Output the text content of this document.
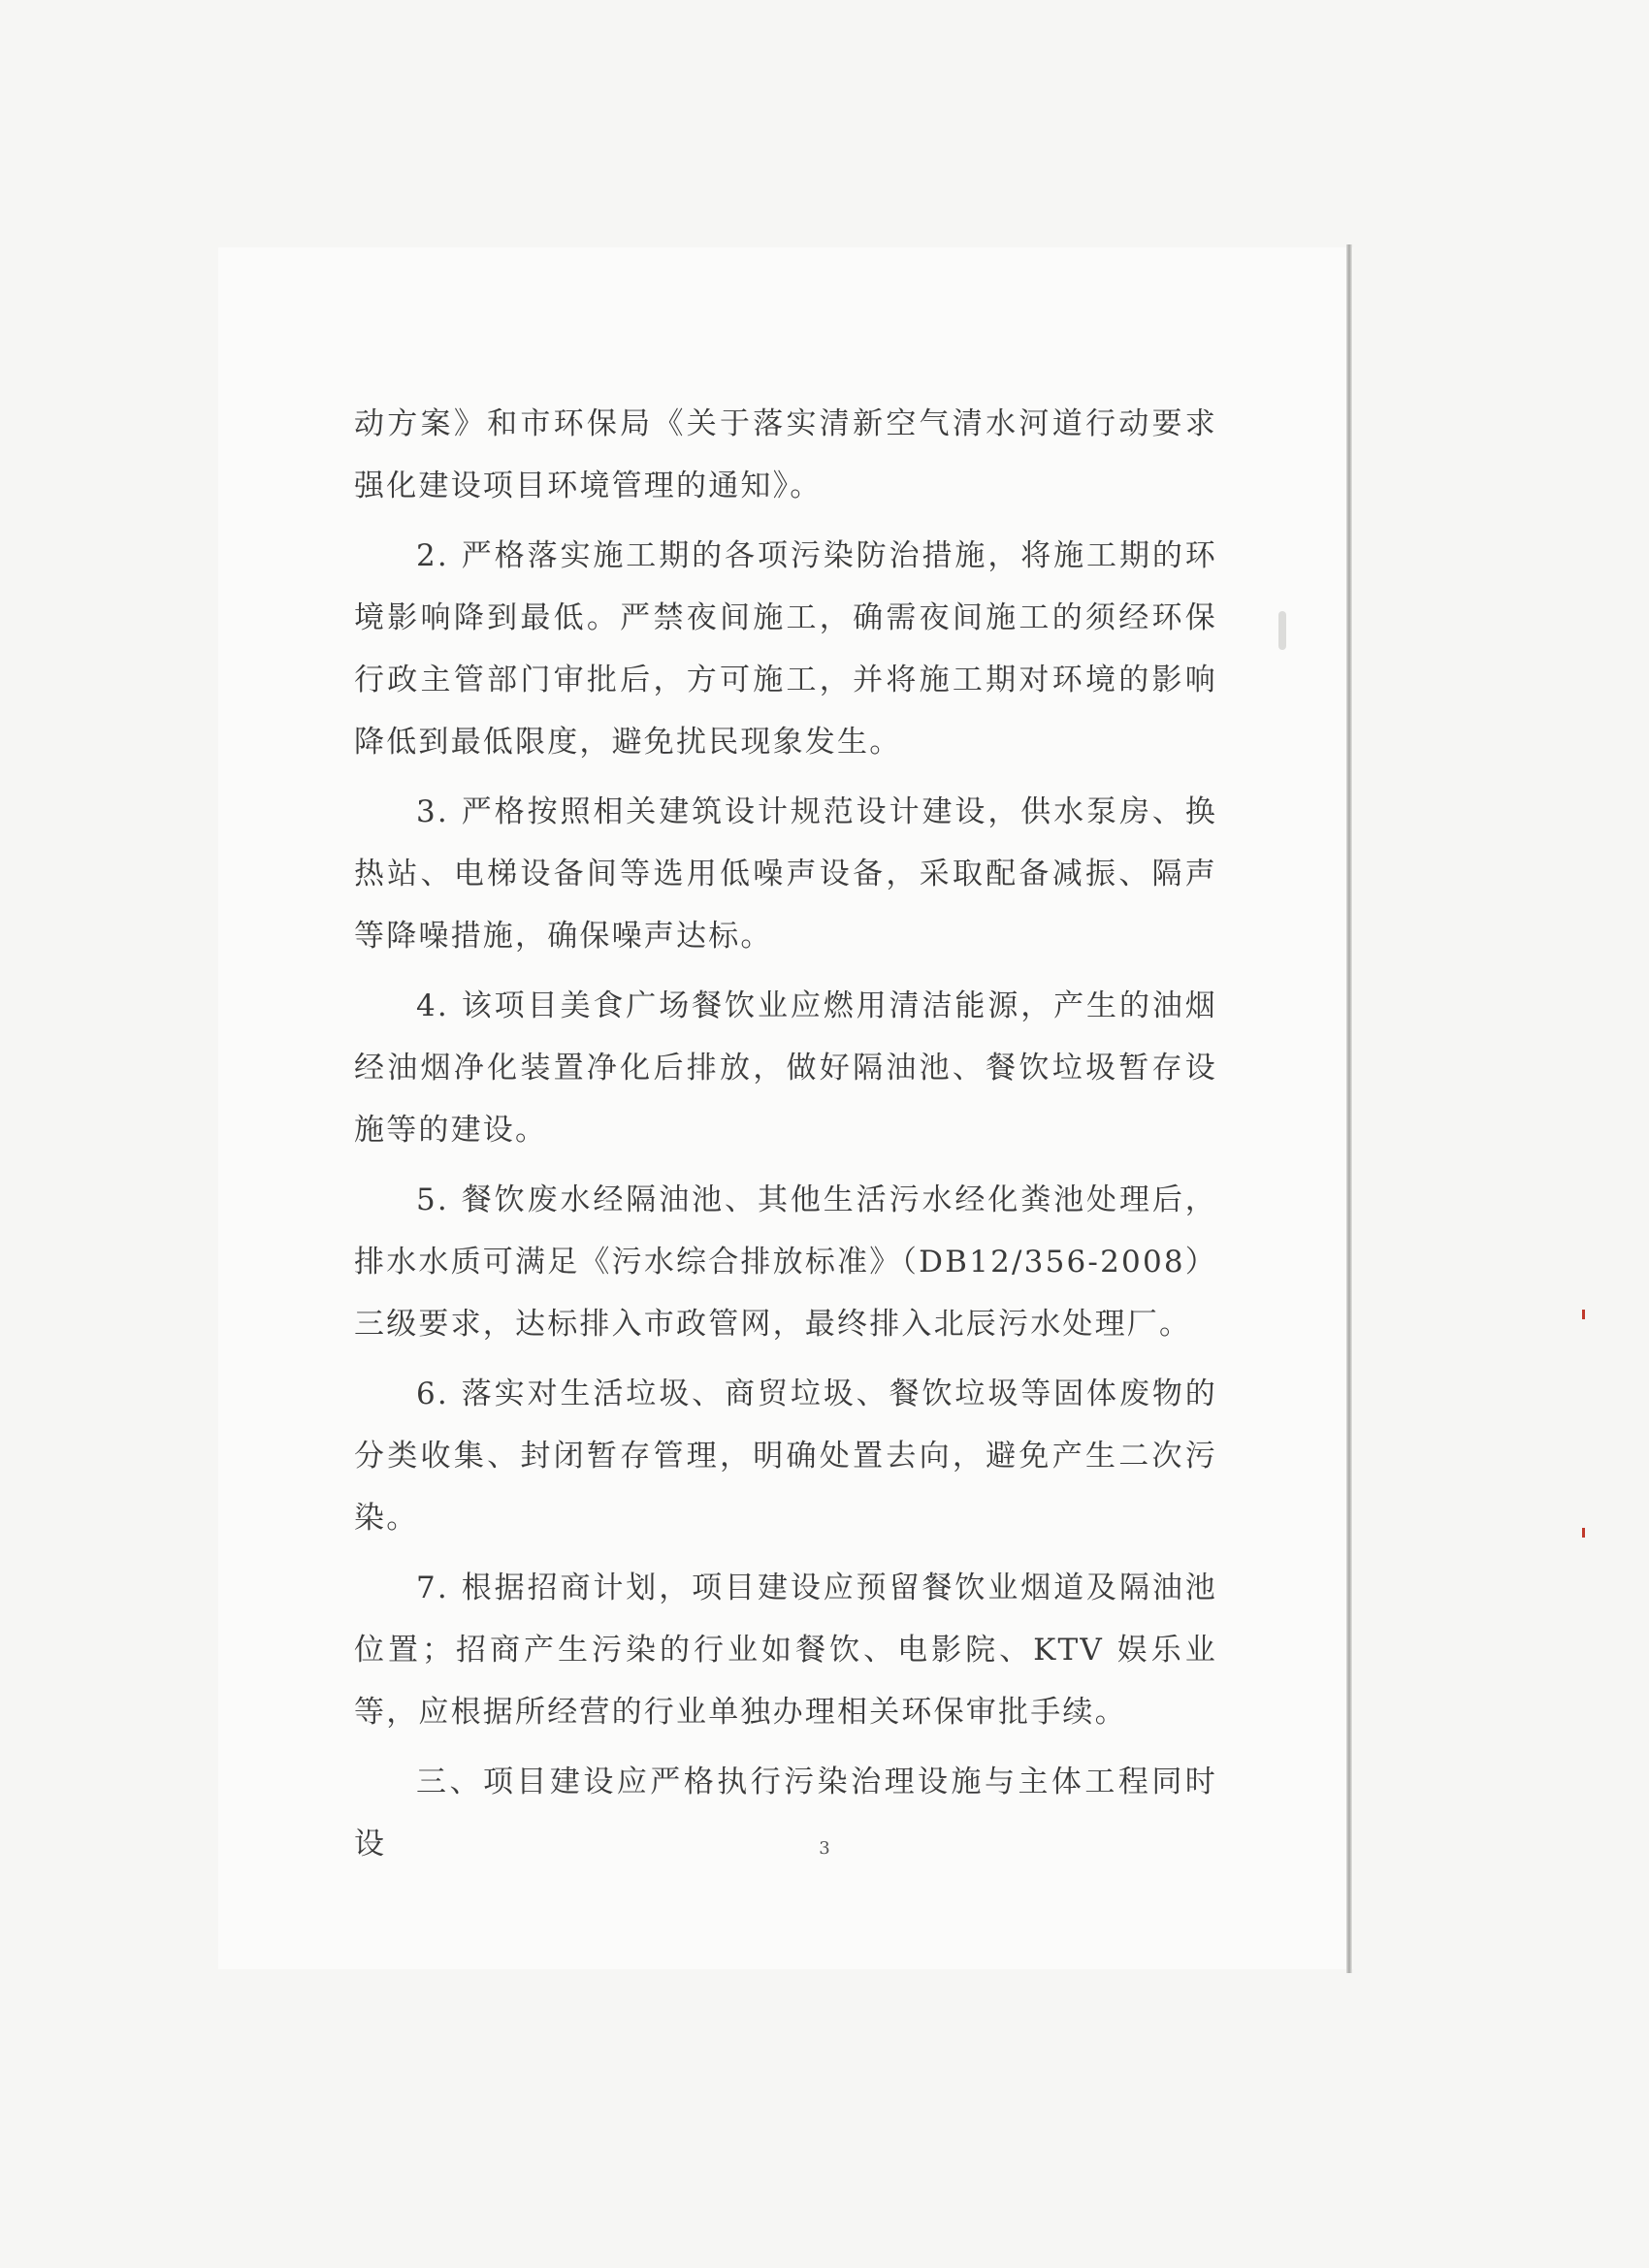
动方案》和市环保局《关于落实清新空气清水河道行动要求强化建设项目环境管理的通知》。

2. 严格落实施工期的各项污染防治措施，将施工期的环境影响降到最低。严禁夜间施工，确需夜间施工的须经环保行政主管部门审批后，方可施工，并将施工期对环境的影响降低到最低限度，避免扰民现象发生。

3. 严格按照相关建筑设计规范设计建设，供水泵房、换热站、电梯设备间等选用低噪声设备，采取配备减振、隔声等降噪措施，确保噪声达标。

4. 该项目美食广场餐饮业应燃用清洁能源，产生的油烟经油烟净化装置净化后排放，做好隔油池、餐饮垃圾暂存设施等的建设。

5. 餐饮废水经隔油池、其他生活污水经化粪池处理后，排水水质可满足《污水综合排放标准》（DB12/356-2008）三级要求，达标排入市政管网，最终排入北辰污水处理厂。

6. 落实对生活垃圾、商贸垃圾、餐饮垃圾等固体废物的分类收集、封闭暂存管理，明确处置去向，避免产生二次污染。

7. 根据招商计划，项目建设应预留餐饮业烟道及隔油池位置；招商产生污染的行业如餐饮、电影院、KTV 娱乐业等，应根据所经营的行业单独办理相关环保审批手续。

三、项目建设应严格执行污染治理设施与主体工程同时设	3
